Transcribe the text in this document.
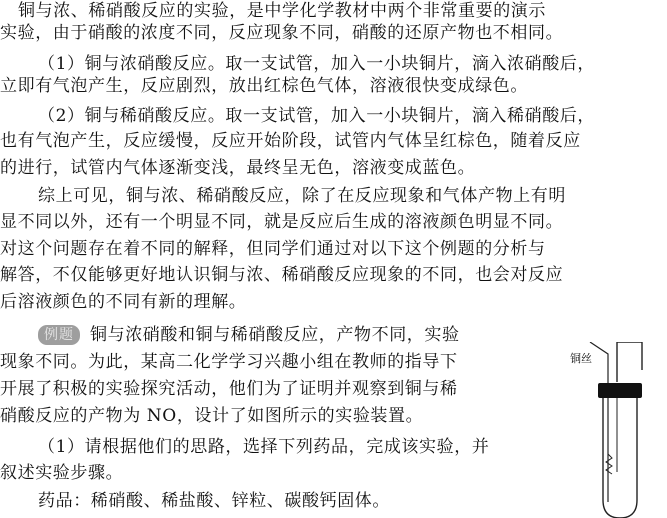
铜与浓、稀硝酸反应的实验，是中学化学教材中两个非常重要的演示
实验，由于硝酸的浓度不同，反应现象不同，硝酸的还原产物也不相同。
（1）铜与浓硝酸反应。取一支试管，加入一小块铜片，滴入浓硝酸后，
立即有气泡产生，反应剧烈，放出红棕色气体，溶液很快变成绿色。
（2）铜与稀硝酸反应。取一支试管，加入一小块铜片，滴入稀硝酸后，
也有气泡产生，反应缓慢，反应开始阶段，试管内气体呈红棕色，随着反应
的进行，试管内气体逐渐变浅，最终呈无色，溶液变成蓝色。
综上可见，铜与浓、稀硝酸反应，除了在反应现象和气体产物上有明
显不同以外，还有一个明显不同，就是反应后生成的溶液颜色明显不同。
对这个问题存在着不同的解释，但同学们通过对以下这个例题的分析与
解答，不仅能够更好地认识铜与浓、稀硝酸反应现象的不同，也会对反应
后溶液颜色的不同有新的理解。
例题 铜与浓硝酸和铜与稀硝酸反应，产物不同，实验
现象不同。为此，某高二化学学习兴趣小组在教师的指导下
开展了积极的实验探究活动，他们为了证明并观察到铜与稀
硝酸反应的产物为 NO，设计了如图所示的实验装置。
（1）请根据他们的思路，选择下列药品，完成该实验，并
叙述实验步骤。
药品：稀硝酸、稀盐酸、锌粒、碳酸钙固体。
铜丝
